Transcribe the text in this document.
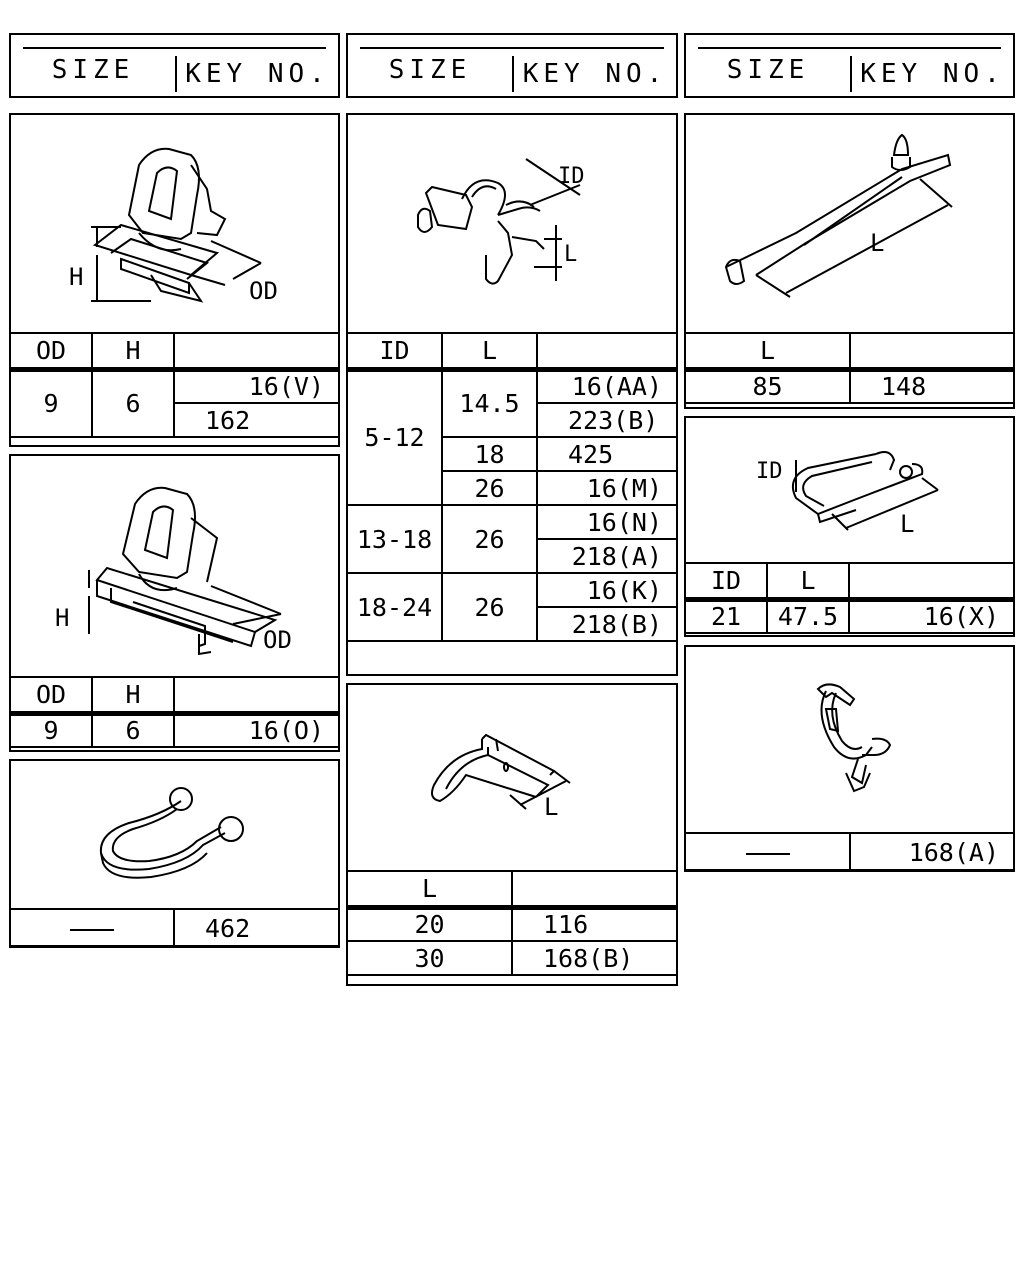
SIZE	KEY NO.	SIZE	KEY NO.	SIZE	KEY NO.
H	OD
OD	H	
9	6	16(V)
		162
H
OD
OD	H	
9	6	16(O)
	462
ID
L
ID	L	
5-12	14.5	16(AA)
		223(B)
	18	425
	26	16(M)
13-18	26	16(N)
		218(A)
18-24	26	16(K)
		218(B)
L
L	
20	116
30	168(B)
L
L	
85	148
ID
L
ID	L	
21	47.5	16(X)
	168(A)
